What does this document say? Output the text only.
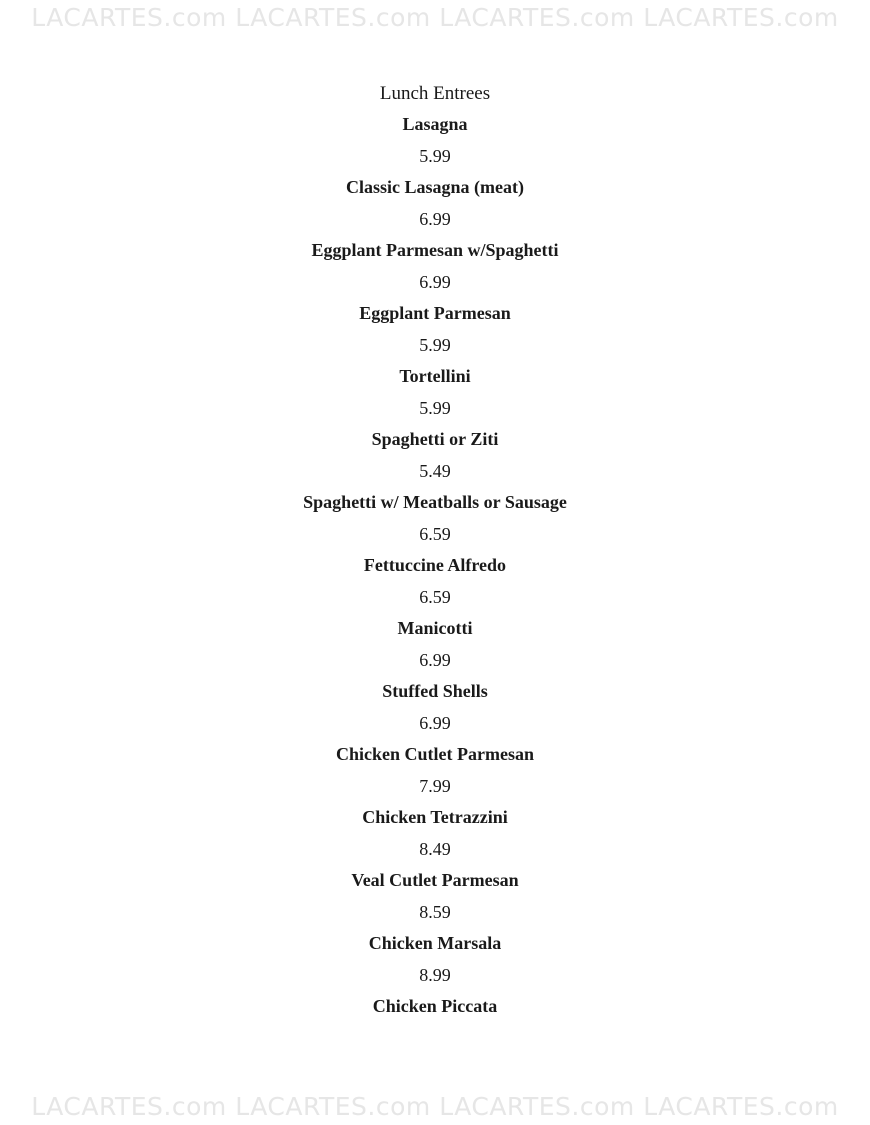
LACARTES.com LACARTES.com LACARTES.com LACARTES.com
Lunch Entrees
Lasagna
5.99
Classic Lasagna (meat)
6.99
Eggplant Parmesan w/Spaghetti
6.99
Eggplant Parmesan
5.99
Tortellini
5.99
Spaghetti or Ziti
5.49
Spaghetti w/ Meatballs or Sausage
6.59
Fettuccine Alfredo
6.59
Manicotti
6.99
Stuffed Shells
6.99
Chicken Cutlet Parmesan
7.99
Chicken Tetrazzini
8.49
Veal Cutlet Parmesan
8.59
Chicken Marsala
8.99
Chicken Piccata
LACARTES.com LACARTES.com LACARTES.com LACARTES.com
